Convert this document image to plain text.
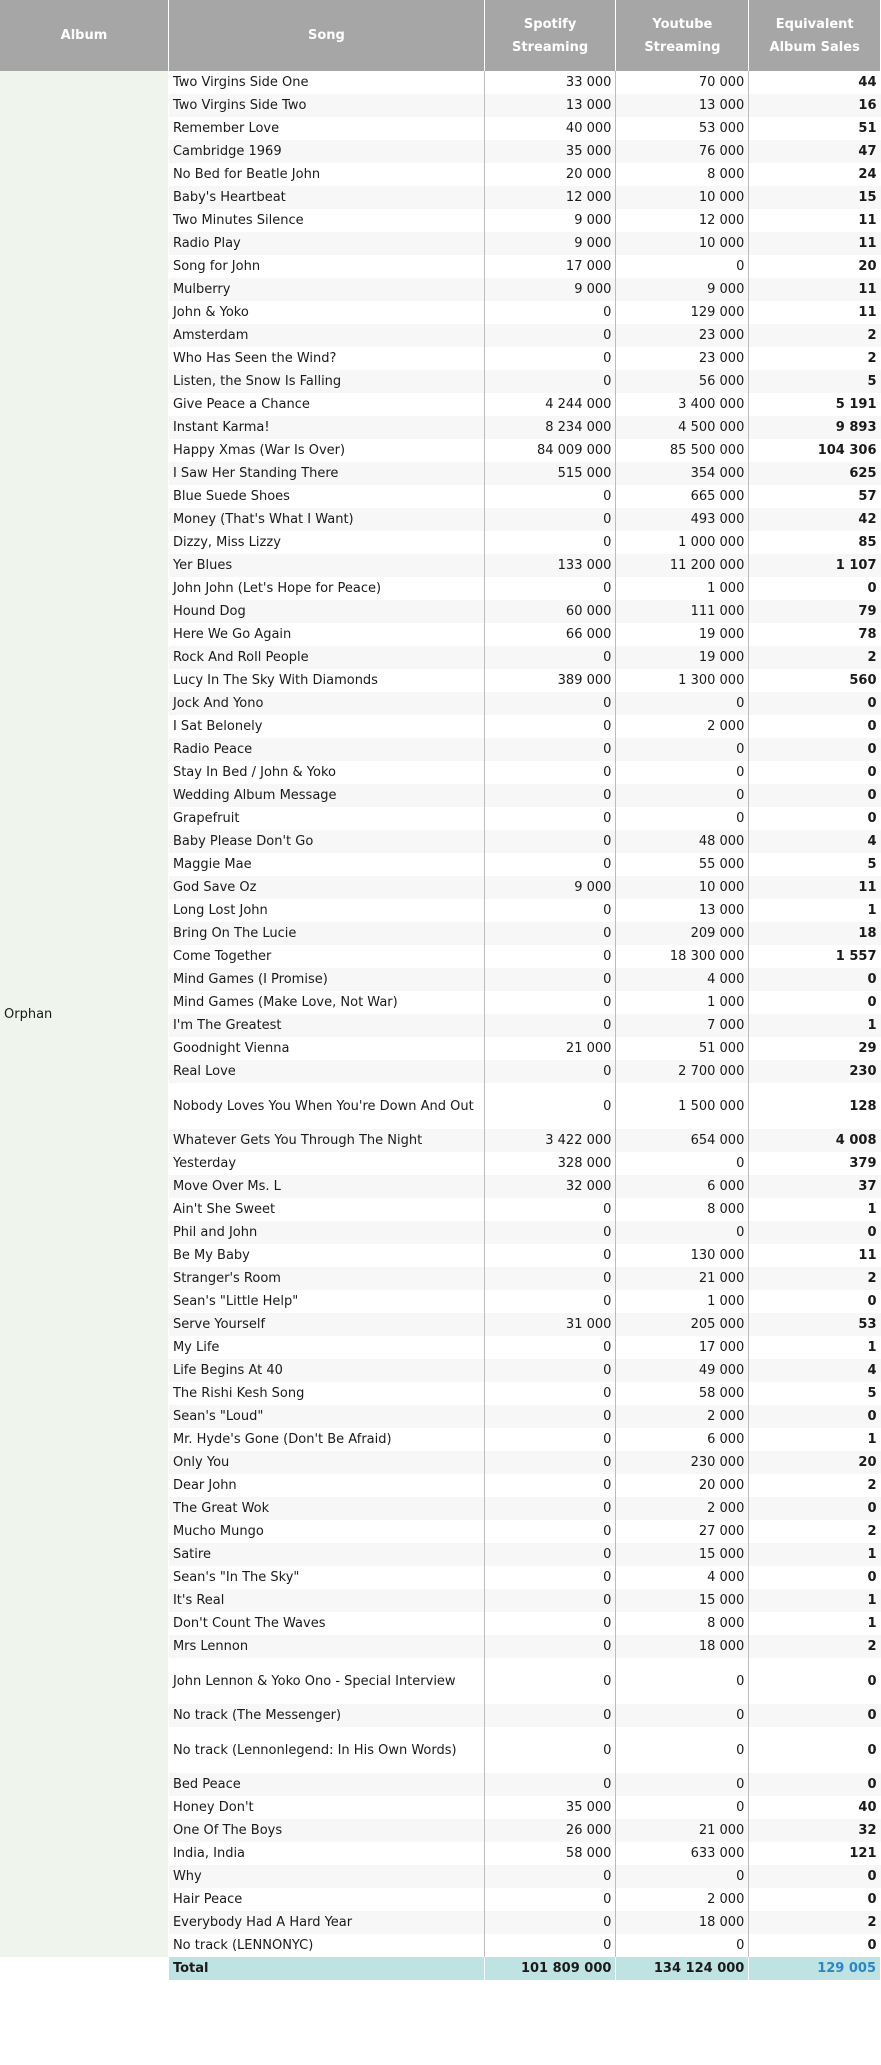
Album	Song	Spotify Streaming	Youtube Streaming	Equivalent Album Sales
Orphan	Two Virgins Side One	33 000	70 000	44
	Two Virgins Side Two	13 000	13 000	16
	Remember Love	40 000	53 000	51
	Cambridge 1969	35 000	76 000	47
	No Bed for Beatle John	20 000	8 000	24
	Baby's Heartbeat	12 000	10 000	15
	Two Minutes Silence	9 000	12 000	11
	Radio Play	9 000	10 000	11
	Song for John	17 000	0	20
	Mulberry	9 000	9 000	11
	John & Yoko	0	129 000	11
	Amsterdam	0	23 000	2
	Who Has Seen the Wind?	0	23 000	2
	Listen, the Snow Is Falling	0	56 000	5
	Give Peace a Chance	4 244 000	3 400 000	5 191
	Instant Karma!	8 234 000	4 500 000	9 893
	Happy Xmas (War Is Over)	84 009 000	85 500 000	104 306
	I Saw Her Standing There	515 000	354 000	625
	Blue Suede Shoes	0	665 000	57
	Money (That's What I Want)	0	493 000	42
	Dizzy, Miss Lizzy	0	1 000 000	85
	Yer Blues	133 000	11 200 000	1 107
	John John (Let's Hope for Peace)	0	1 000	0
	Hound Dog	60 000	111 000	79
	Here We Go Again	66 000	19 000	78
	Rock And Roll People	0	19 000	2
	Lucy In The Sky With Diamonds	389 000	1 300 000	560
	Jock And Yono	0	0	0
	I Sat Belonely	0	2 000	0
	Radio Peace	0	0	0
	Stay In Bed / John & Yoko	0	0	0
	Wedding Album Message	0	0	0
	Grapefruit	0	0	0
	Baby Please Don't Go	0	48 000	4
	Maggie Mae	0	55 000	5
	God Save Oz	9 000	10 000	11
	Long Lost John	0	13 000	1
	Bring On The Lucie	0	209 000	18
	Come Together	0	18 300 000	1 557
	Mind Games (I Promise)	0	4 000	0
	Mind Games (Make Love, Not War)	0	1 000	0
	I'm The Greatest	0	7 000	1
	Goodnight Vienna	21 000	51 000	29
	Real Love	0	2 700 000	230
	Nobody Loves You When You're Down And Out	0	1 500 000	128
	Whatever Gets You Through The Night	3 422 000	654 000	4 008
	Yesterday	328 000	0	379
	Move Over Ms. L	32 000	6 000	37
	Ain't She Sweet	0	8 000	1
	Phil and John	0	0	0
	Be My Baby	0	130 000	11
	Stranger's Room	0	21 000	2
	Sean's "Little Help"	0	1 000	0
	Serve Yourself	31 000	205 000	53
	My Life	0	17 000	1
	Life Begins At 40	0	49 000	4
	The Rishi Kesh Song	0	58 000	5
	Sean's "Loud"	0	2 000	0
	Mr. Hyde's Gone (Don't Be Afraid)	0	6 000	1
	Only You	0	230 000	20
	Dear John	0	20 000	2
	The Great Wok	0	2 000	0
	Mucho Mungo	0	27 000	2
	Satire	0	15 000	1
	Sean's "In The Sky"	0	4 000	0
	It's Real	0	15 000	1
	Don't Count The Waves	0	8 000	1
	Mrs Lennon	0	18 000	2
	John Lennon & Yoko Ono - Special Interview	0	0	0
	No track (The Messenger)	0	0	0
	No track (Lennonlegend: In His Own Words)	0	0	0
	Bed Peace	0	0	0
	Honey Don't	35 000	0	40
	One Of The Boys	26 000	21 000	32
	India, India	58 000	633 000	121
	Why	0	0	0
	Hair Peace	0	2 000	0
	Everybody Had A Hard Year	0	18 000	2
	No track (LENNONYC)	0	0	0
	Total	101 809 000	134 124 000	129 005
